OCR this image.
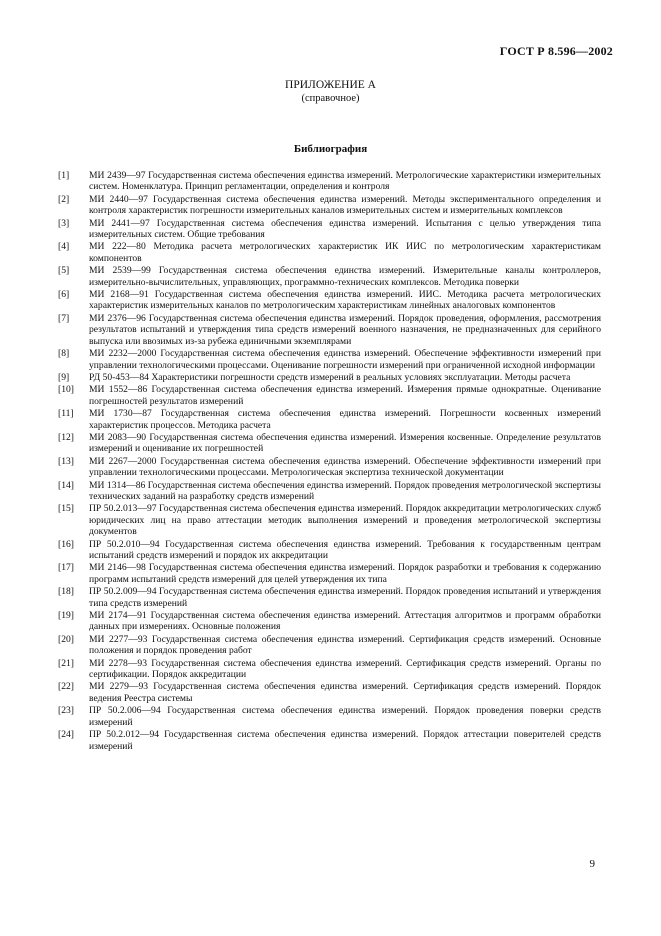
ГОСТ Р 8.596—2002
ПРИЛОЖЕНИЕ А
(справочное)
Библиография
[1] МИ 2439—97 Государственная система обеспечения единства измерений. Метрологические характеристики измерительных систем. Номенклатура. Принцип регламентации, определения и контроля
[2] МИ 2440—97 Государственная система обеспечения единства измерений. Методы экспериментального определения и контроля характеристик погрешности измерительных каналов измерительных систем и измерительных комплексов
[3] МИ 2441—97 Государственная система обеспечения единства измерений. Испытания с целью утверждения типа измерительных систем. Общие требования
[4] МИ 222—80 Методика расчета метрологических характеристик ИК ИИС по метрологическим характеристикам компонентов
[5] МИ 2539—99 Государственная система обеспечения единства измерений. Измерительные каналы контроллеров, измерительно-вычислительных, управляющих, программно-технических комплексов. Методика поверки
[6] МИ 2168—91 Государственная система обеспечения единства измерений. ИИС. Методика расчета метрологических характеристик измерительных каналов по метрологическим характеристикам линейных аналоговых компонентов
[7] МИ 2376—96 Государственная система обеспечения единства измерений. Порядок проведения, оформления, рассмотрения результатов испытаний и утверждения типа средств измерений военного назначения, не предназначенных для серийного выпуска или ввозимых из-за рубежа единичными экземплярами
[8] МИ 2232—2000 Государственная система обеспечения единства измерений. Обеспечение эффективности измерений при управлении технологическими процессами. Оценивание погрешности измерений при ограниченной исходной информации
[9] РД 50-453—84 Характеристики погрешности средств измерений в реальных условиях эксплуатации. Методы расчета
[10] МИ 1552—86 Государственная система обеспечения единства измерений. Измерения прямые однократные. Оценивание погрешностей результатов измерений
[11] МИ 1730—87 Государственная система обеспечения единства измерений. Погрешности косвенных измерений характеристик процессов. Методика расчета
[12] МИ 2083—90 Государственная система обеспечения единства измерений. Измерения косвенные. Определение результатов измерений и оценивание их погрешностей
[13] МИ 2267—2000 Государственная система обеспечения единства измерений. Обеспечение эффективности измерений при управлении технологическими процессами. Метрологическая экспертиза технической документации
[14] МИ 1314—86 Государственная система обеспечения единства измерений. Порядок проведения метрологической экспертизы технических заданий на разработку средств измерений
[15] ПР 50.2.013—97 Государственная система обеспечения единства измерений. Порядок аккредитации метрологических служб юридических лиц на право аттестации методик выполнения измерений и проведения метрологической экспертизы документов
[16] ПР 50.2.010—94 Государственная система обеспечения единства измерений. Требования к государственным центрам испытаний средств измерений и порядок их аккредитации
[17] МИ 2146—98 Государственная система обеспечения единства измерений. Порядок разработки и требования к содержанию программ испытаний средств измерений для целей утверждения их типа
[18] ПР 50.2.009—94 Государственная система обеспечения единства измерений. Порядок проведения испытаний и утверждения типа средств измерений
[19] МИ 2174—91 Государственная система обеспечения единства измерений. Аттестация алгоритмов и программ обработки данных при измерениях. Основные положения
[20] МИ 2277—93 Государственная система обеспечения единства измерений. Сертификация средств измерений. Основные положения и порядок проведения работ
[21] МИ 2278—93 Государственная система обеспечения единства измерений. Сертификация средств измерений. Органы по сертификации. Порядок аккредитации
[22] МИ 2279—93 Государственная система обеспечения единства измерений. Сертификация средств измерений. Порядок ведения Реестра системы
[23] ПР 50.2.006—94 Государственная система обеспечения единства измерений. Порядок проведения поверки средств измерений
[24] ПР 50.2.012—94 Государственная система обеспечения единства измерений. Порядок аттестации поверителей средств измерений
9
